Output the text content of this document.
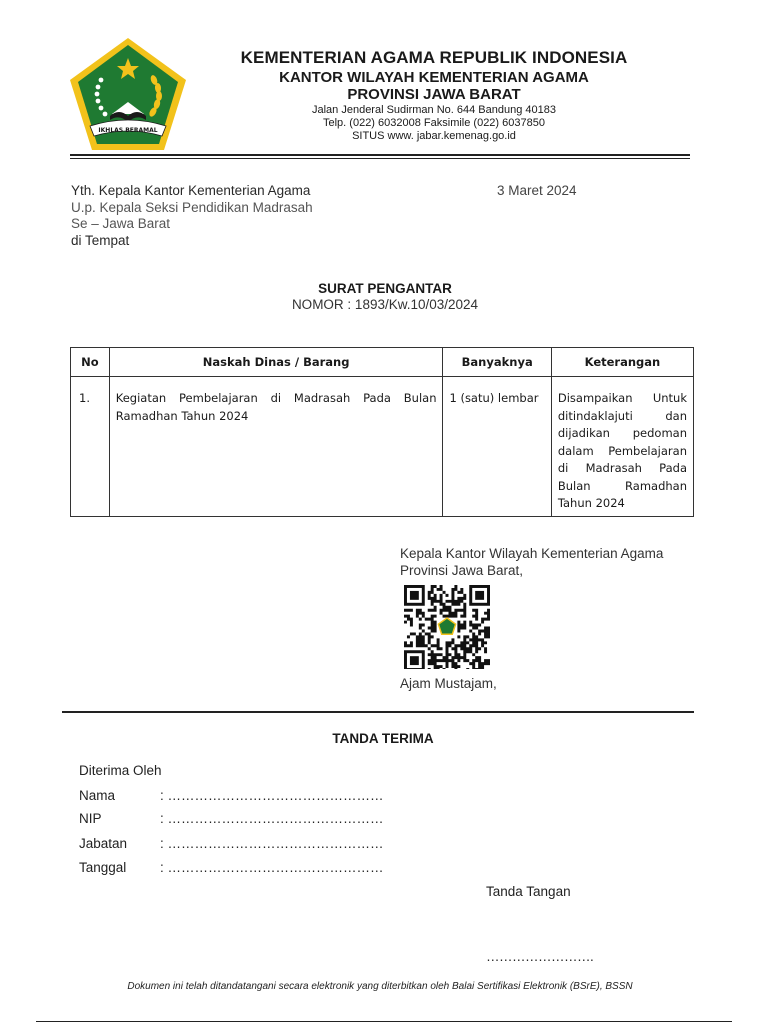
IKHLAS BERAMAL
KEMENTERIAN AGAMA REPUBLIK INDONESIA
KANTOR WILAYAH KEMENTERIAN AGAMA
PROVINSI JAWA BARAT
Jalan Jenderal Sudirman No. 644 Bandung 40183
Telp. (022) 6032008 Faksimile (022) 6037850
SITUS www. jabar.kemenag.go.id
Yth. Kepala Kantor Kementerian Agama
U.p. Kepala Seksi Pendidikan Madrasah
Se – Jawa Barat
di Tempat
3 Maret 2024
SURAT PENGANTAR
NOMOR : 1893/Kw.10/03/2024
No	Naskah Dinas / Barang	Banyaknya	Keterangan
1.	Kegiatan Pembelajaran di Madrasah Pada Bulan Ramadhan Tahun 2024	1 (satu) lembar	Disampaikan Untuk ditindaklajuti dan dijadikan pedoman dalam Pembelajaran di Madrasah Pada Bulan Ramadhan Tahun 2024
Kepala Kantor Wilayah Kementerian Agama
Provinsi Jawa Barat,
Ajam Mustajam,
TANDA TERIMA
Diterima Oleh
Nama	: …………………………………………
NIP	: …………………………………………
Jabatan : …………………………………………
Tanggal : …………………………………………
Tanda Tangan
…………………….
Dokumen ini telah ditandatangani secara elektronik yang diterbitkan oleh Balai Sertifikasi Elektronik (BSrE), BSSN
